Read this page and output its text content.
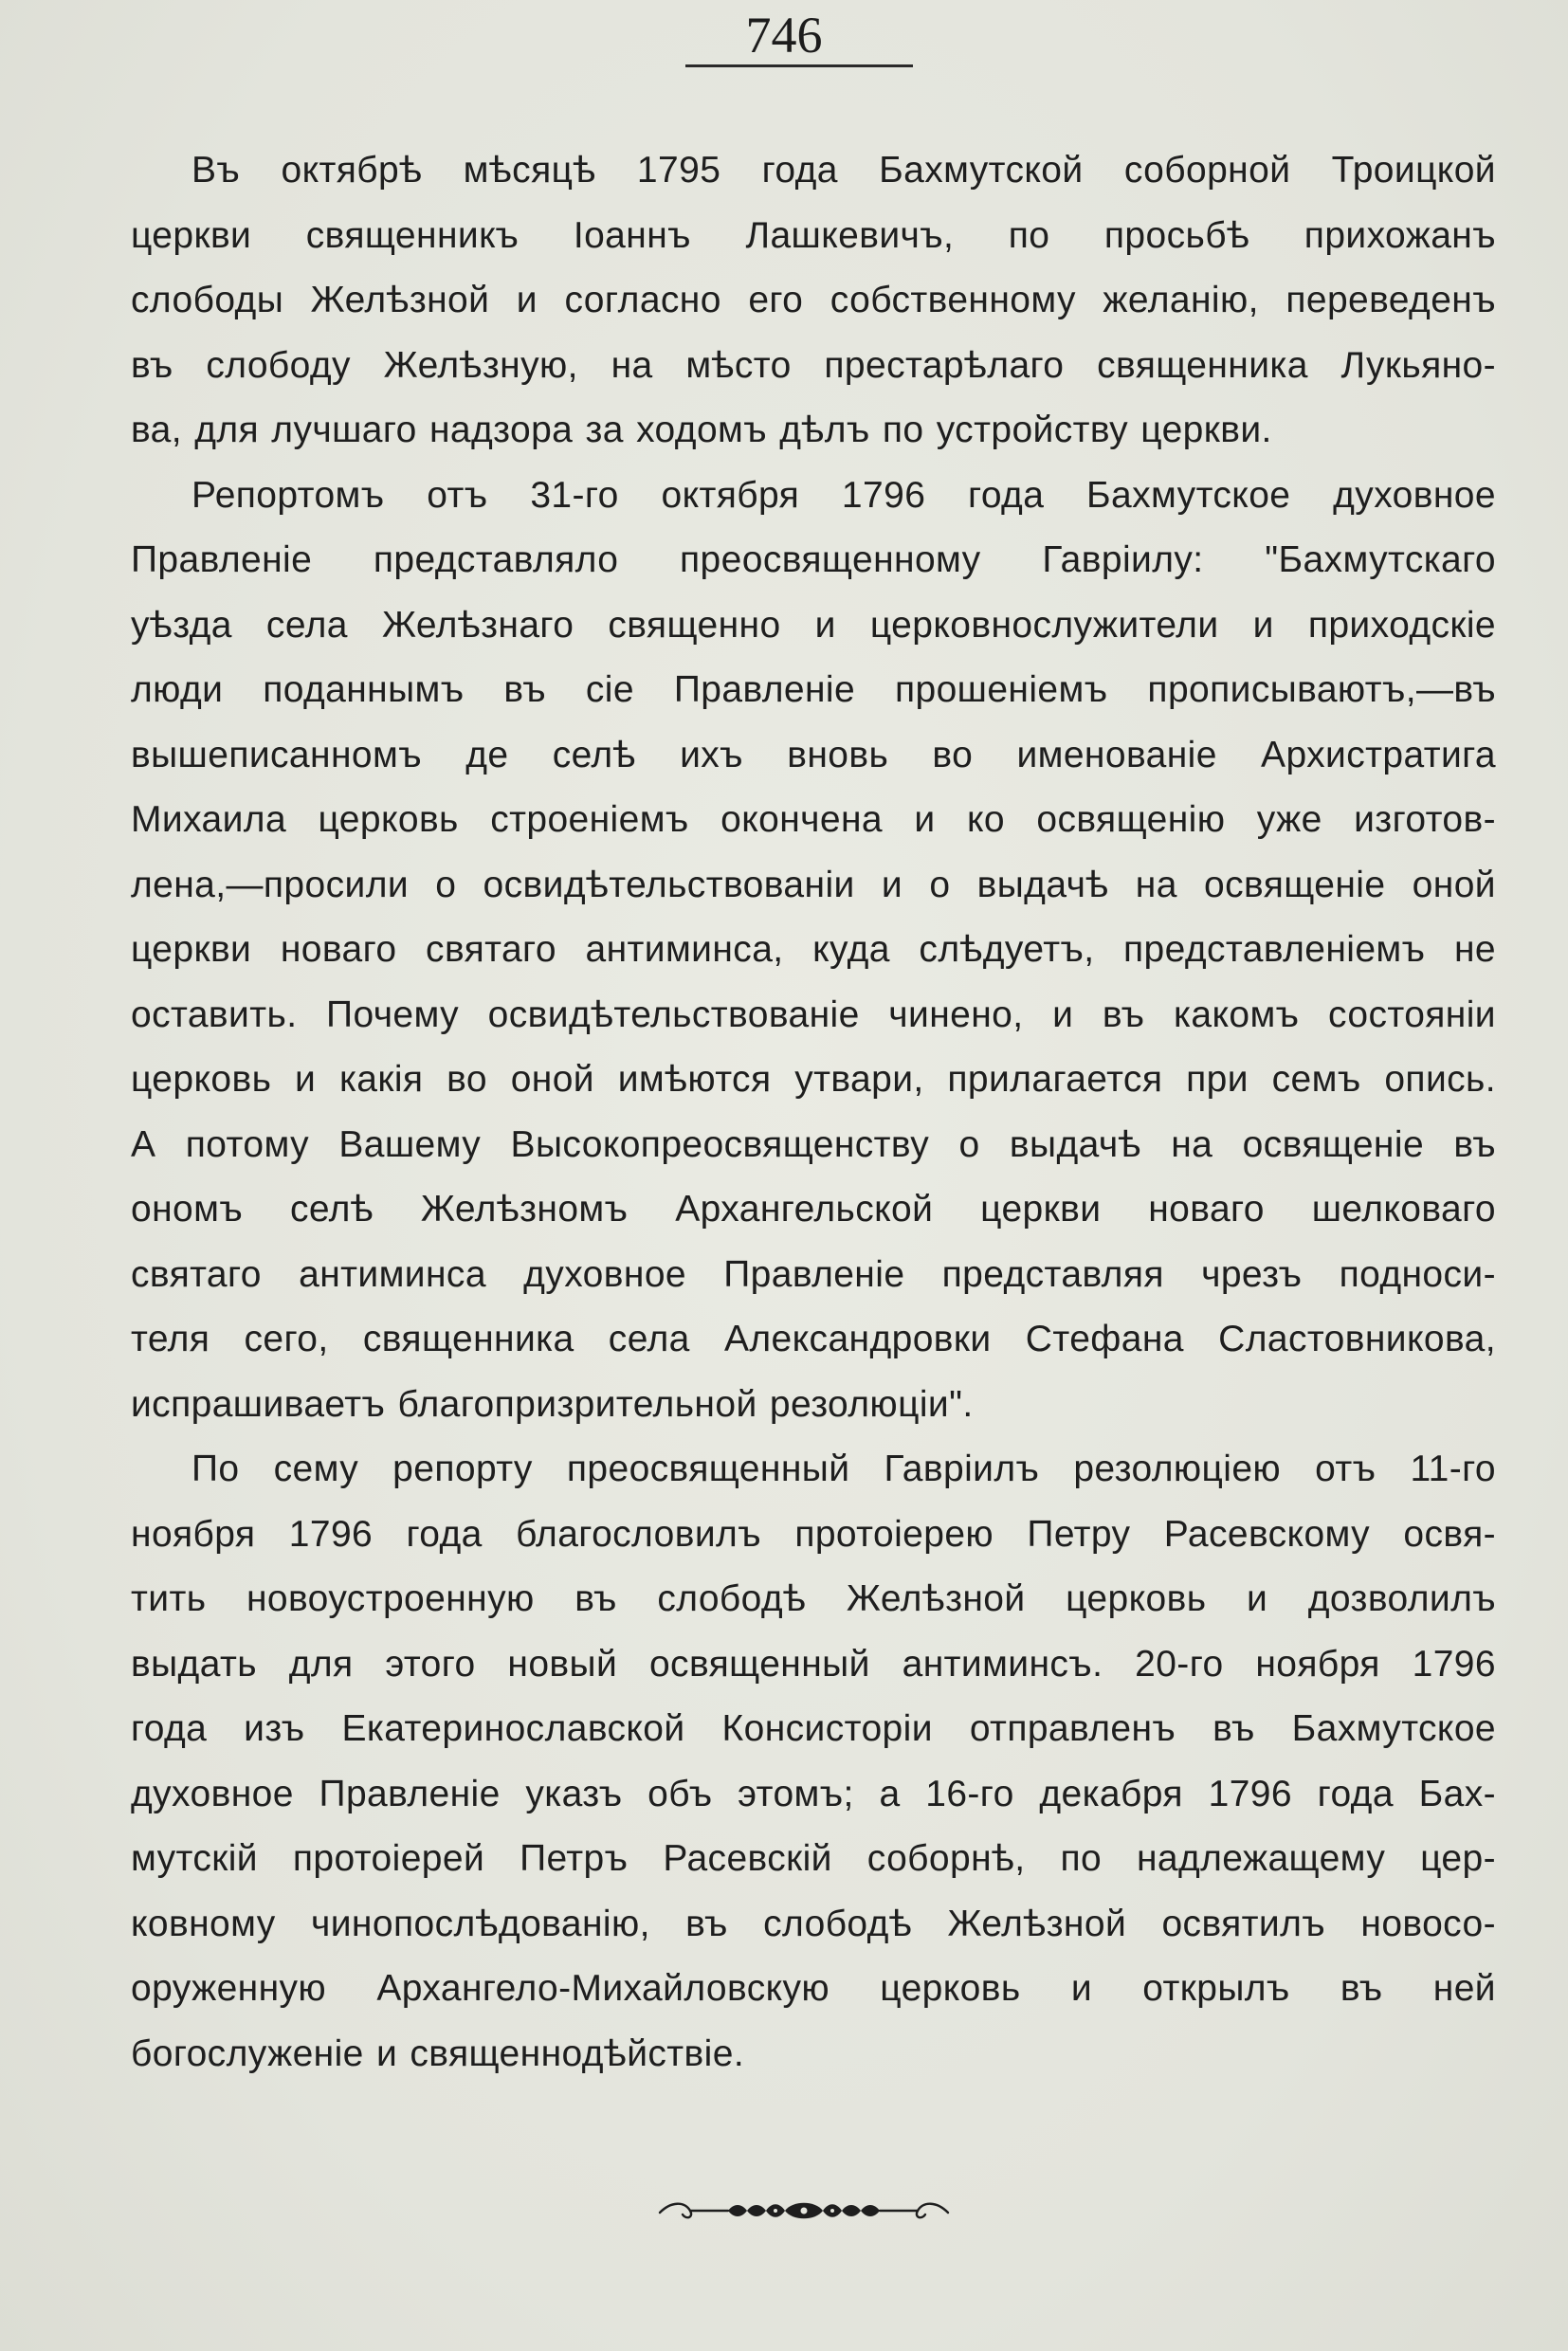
746
Въ октябрѣ мѣсяцѣ 1795 года Бахмутской соборной Троицкой
церкви священникъ Іоаннъ Лашкевичъ, по просьбѣ прихожанъ
слободы Желѣзной и согласно его собственному желанію, переведенъ
въ слободу Желѣзную, на мѣсто престарѣлаго священника Лукьяно-
ва, для лучшаго надзора за ходомъ дѣлъ по устройству церкви.
Репортомъ отъ 31-го октября 1796 года Бахмутское духовное
Правленіе представляло преосвященному Гавріилу: "Бахмутскаго
уѣзда села Желѣзнаго священно и церковнослужители и приходскіе
люди поданнымъ въ сіе Правленіе прошеніемъ прописываютъ,—въ
вышеписанномъ де селѣ ихъ вновь во именованіе Архистратига
Михаила церковь строеніемъ окончена и ко освященію уже изготов-
лена,—просили о освидѣтельствованіи и о выдачѣ на освященіе оной
церкви новаго святаго антиминса, куда слѣдуетъ, представленіемъ не
оставить. Почему освидѣтельствованіе чинено, и въ какомъ состояніи
церковь и какія во оной имѣются утвари, прилагается при семъ опись.
А потому Вашему Высокопреосвященству о выдачѣ на освященіе въ
ономъ селѣ Желѣзномъ Архангельской церкви новаго шелковаго
святаго антиминса духовное Правленіе представляя чрезъ подноси-
теля сего, священника села Александровки Стефана Сластовникова,
испрашиваетъ благопризрительной резолюціи".
По сему репорту преосвященный Гавріилъ резолюціею отъ 11-го
ноября 1796 года благословилъ протоіерею Петру Расевскому освя-
тить новоустроенную въ слободѣ Желѣзной церковь и дозволилъ
выдать для этого новый освященный антиминсъ. 20-го ноября 1796
года изъ Екатеринославской Консисторіи отправленъ въ Бахмутское
духовное Правленіе указъ объ этомъ; а 16-го декабря 1796 года Бах-
мутскій протоіерей Петръ Расевскій соборнѣ, по надлежащему цер-
ковному чинопослѣдованію, въ слободѣ Желѣзной освятилъ новосо-
оруженную Архангело-Михайловскую церковь и открылъ въ ней
богослуженіе и священнодѣйствіе.
